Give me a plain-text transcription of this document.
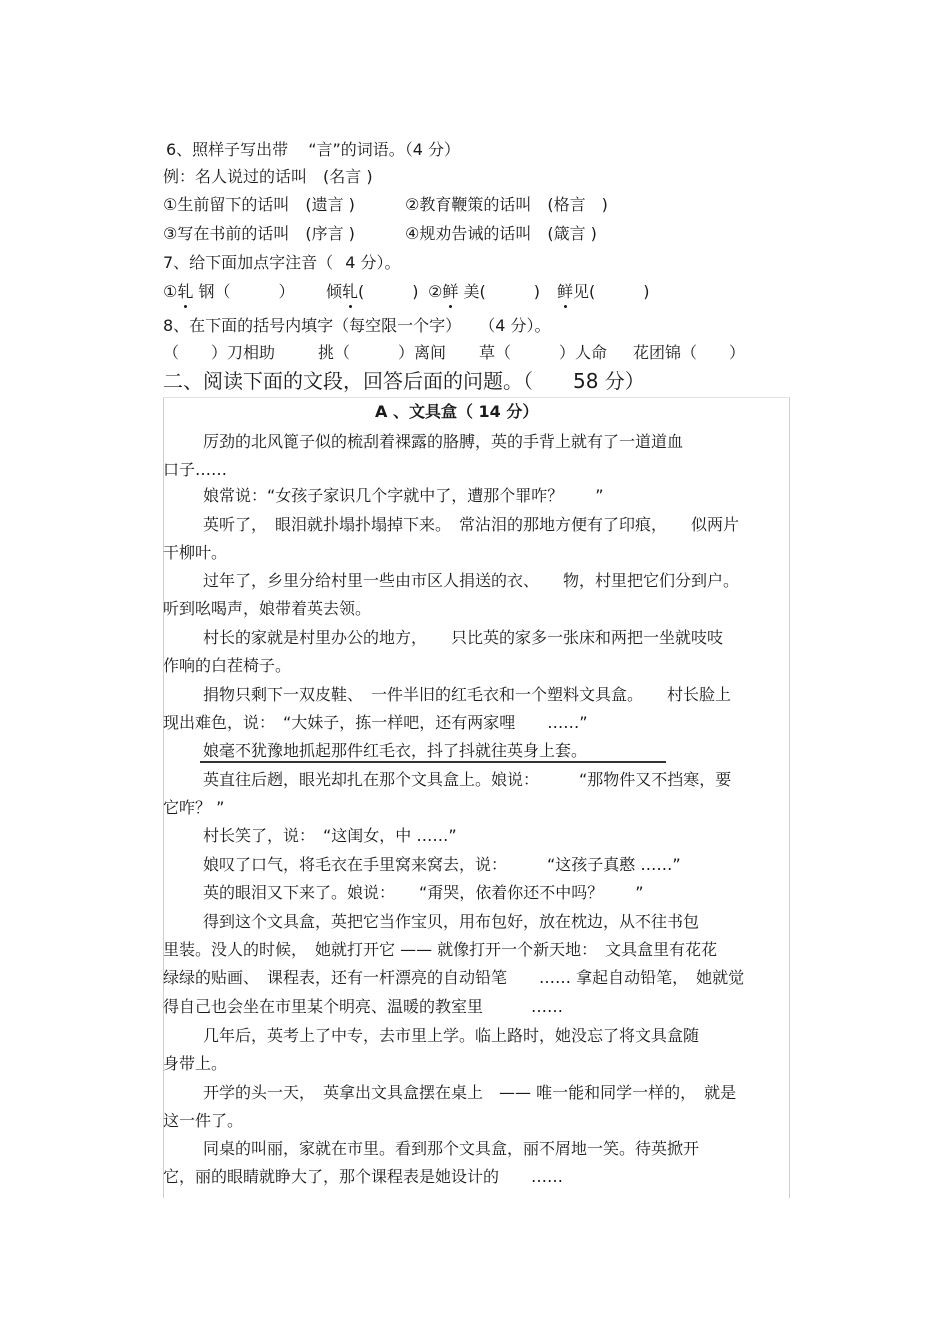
6、照样子写出带 “言”的词语。（4 分）
例：名人说过的话叫　(名言 )
①生前留下的话叫　(遗言 )	②教育鞭策的话叫　(格言　)
③写在书前的话叫　(序言 )	④规劝告诫的话叫　(箴言 )
7、给下面加点字注音（ 4 分）。
①轧 钢（　　　） 倾轧(　　　) ②鲜 美(　　　) 鲜见(　　　)
8、在下面的括号内填字（每空限一个字） （4 分）。
（　　）刀相助	挑（　　　）离间 草（　　　）人命 花团锦（　　）
二、阅读下面的文段，回答后面的问题。（　　58 分）
A 、文具盒（ 14 分）
厉劲的北风篦子似的梳刮着裸露的胳膊，英的手背上就有了一道道血
口子……
娘常说：“女孩子家识几个字就中了，遭那个罪咋？　　”
英听了，　眼泪就扑塌扑塌掉下来。　常沾泪的那地方便有了印痕，　　似两片
干柳叶。
过年了，乡里分给村里一些由市区人捐送的衣、　　物，村里把它们分到户。
听到吆喝声，娘带着英去领。
村长的家就是村里办公的地方，　　只比英的家多一张床和两把一坐就吱吱
作响的白茬椅子。
捐物只剩下一双皮鞋、　一件半旧的红毛衣和一个塑料文具盒。　　村长脸上
现出难色，说：　“大妹子，拣一样吧，还有两家哩　　……”
娘毫不犹豫地抓起那件红毛衣，抖了抖就往英身上套。
英直往后趔，眼光却扎在那个文具盒上。娘说：　　　“那物件又不挡寒，要
它咋？ ”
村长笑了，说：　“这闺女，中 ……”
娘叹了口气，将毛衣在手里窝来窝去，说：　　　“这孩子真憨 ……”
英的眼泪又下来了。娘说：　　“甭哭，依着你还不中吗？　　”
得到这个文具盒，英把它当作宝贝，用布包好，放在枕边，从不往书包
里装。没人的时候，　她就打开它 —— 就像打开一个新天地：　文具盒里有花花
绿绿的贴画、　课程表，还有一杆漂亮的自动铅笔　　…… 拿起自动铅笔，　她就觉
得自己也会坐在市里某个明亮、温暖的教室里　　　……
几年后，英考上了中专，去市里上学。临上路时，她没忘了将文具盒随
身带上。
开学的头一天，　英拿出文具盒摆在桌上　—— 唯一能和同学一样的，　就是
这一件了。
同桌的叫丽，家就在市里。看到那个文具盒，丽不屑地一笑。待英掀开
它，丽的眼睛就睁大了，那个课程表是她设计的　　……
